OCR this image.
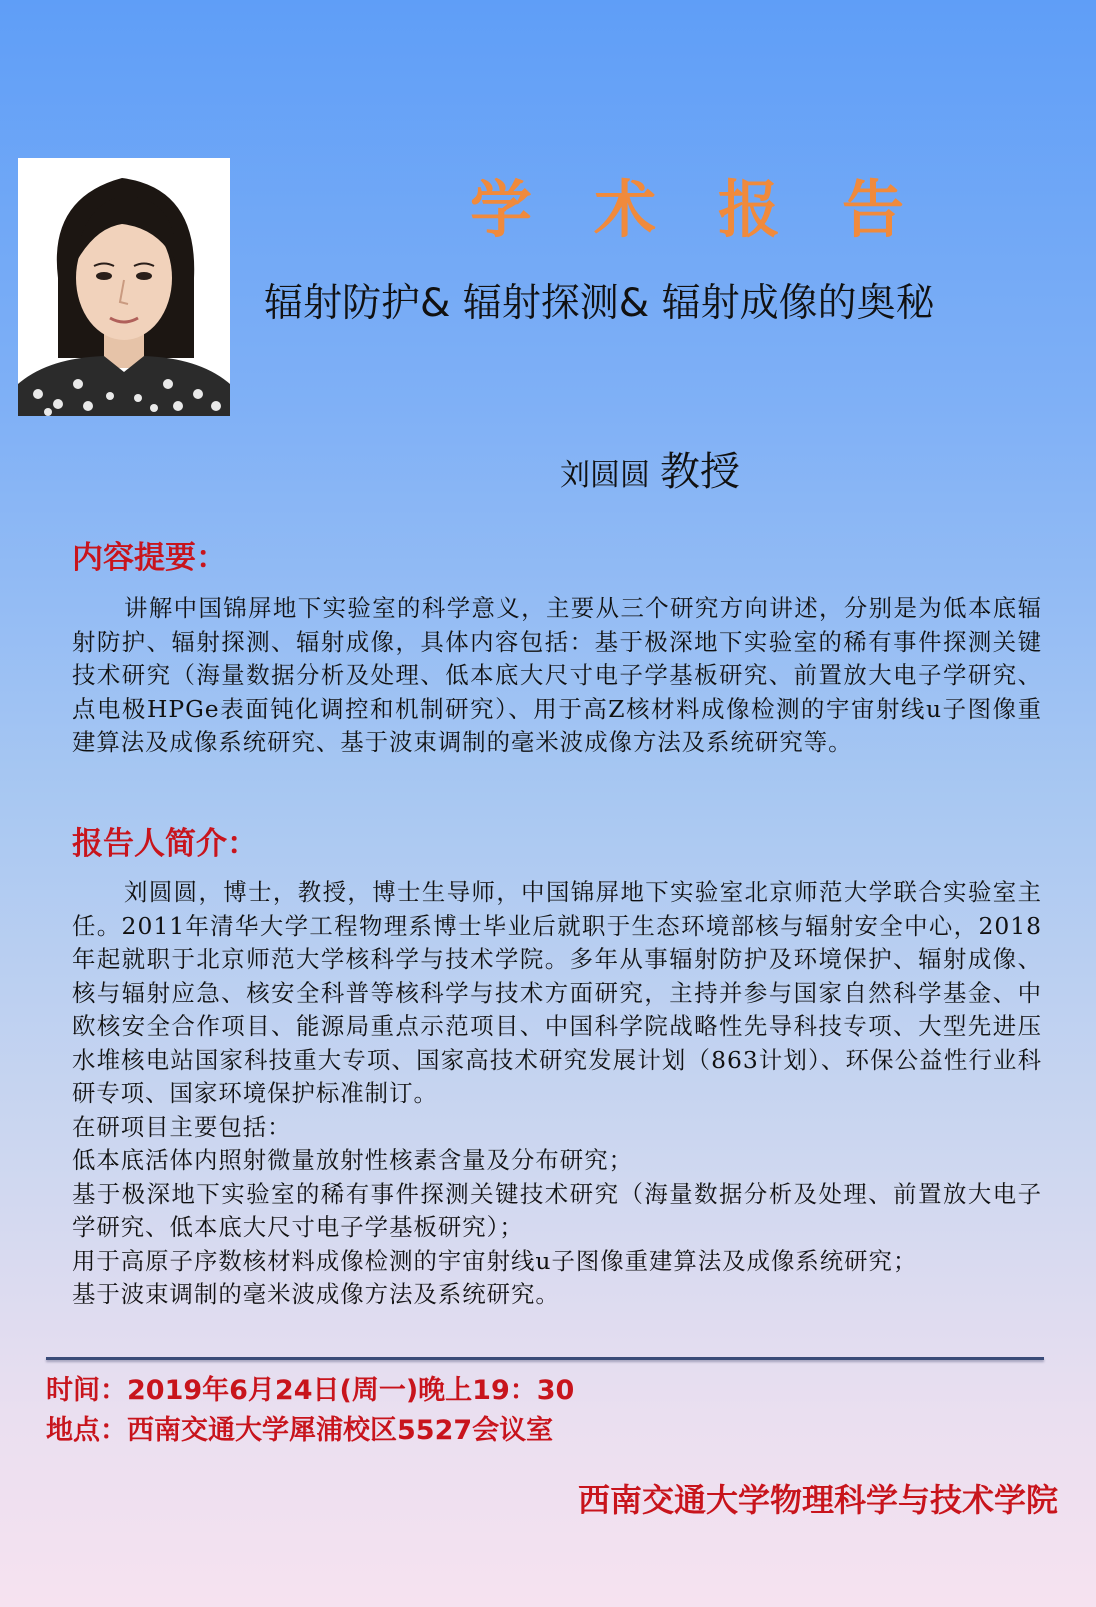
学术报告
辐射防护& 辐射探测& 辐射成像的奥秘
刘圆圆 教授
内容提要：

讲解中国锦屏地下实验室的科学意义，主要从三个研究方向讲述，分别是为低本底辐射防护、辐射探测、辐射成像，具体内容包括：基于极深地下实验室的稀有事件探测关键技术研究（海量数据分析及处理、低本底大尺寸电子学基板研究、前置放大电子学研究、点电极HPGe表面钝化调控和机制研究）、用于高Z核材料成像检测的宇宙射线u子图像重建算法及成像系统研究、基于波束调制的毫米波成像方法及系统研究等。

报告人简介：

刘圆圆，博士，教授，博士生导师，中国锦屏地下实验室北京师范大学联合实验室主任。2011年清华大学工程物理系博士毕业后就职于生态环境部核与辐射安全中心，2018年起就职于北京师范大学核科学与技术学院。多年从事辐射防护及环境保护、辐射成像、核与辐射应急、核安全科普等核科学与技术方面研究，主持并参与国家自然科学基金、中欧核安全合作项目、能源局重点示范项目、中国科学院战略性先导科技专项、大型先进压水堆核电站国家科技重大专项、国家高技术研究发展计划（863计划）、环保公益性行业科研专项、国家环境保护标准制订。

在研项目主要包括：

低本底活体内照射微量放射性核素含量及分布研究；

基于极深地下实验室的稀有事件探测关键技术研究（海量数据分析及处理、前置放大电子学研究、低本底大尺寸电子学基板研究）；

用于高原子序数核材料成像检测的宇宙射线u子图像重建算法及成像系统研究；

基于波束调制的毫米波成像方法及系统研究。

时间：2019年6月24日(周一)晚上19：30
地点：西南交通大学犀浦校区5527会议室
西南交通大学物理科学与技术学院
